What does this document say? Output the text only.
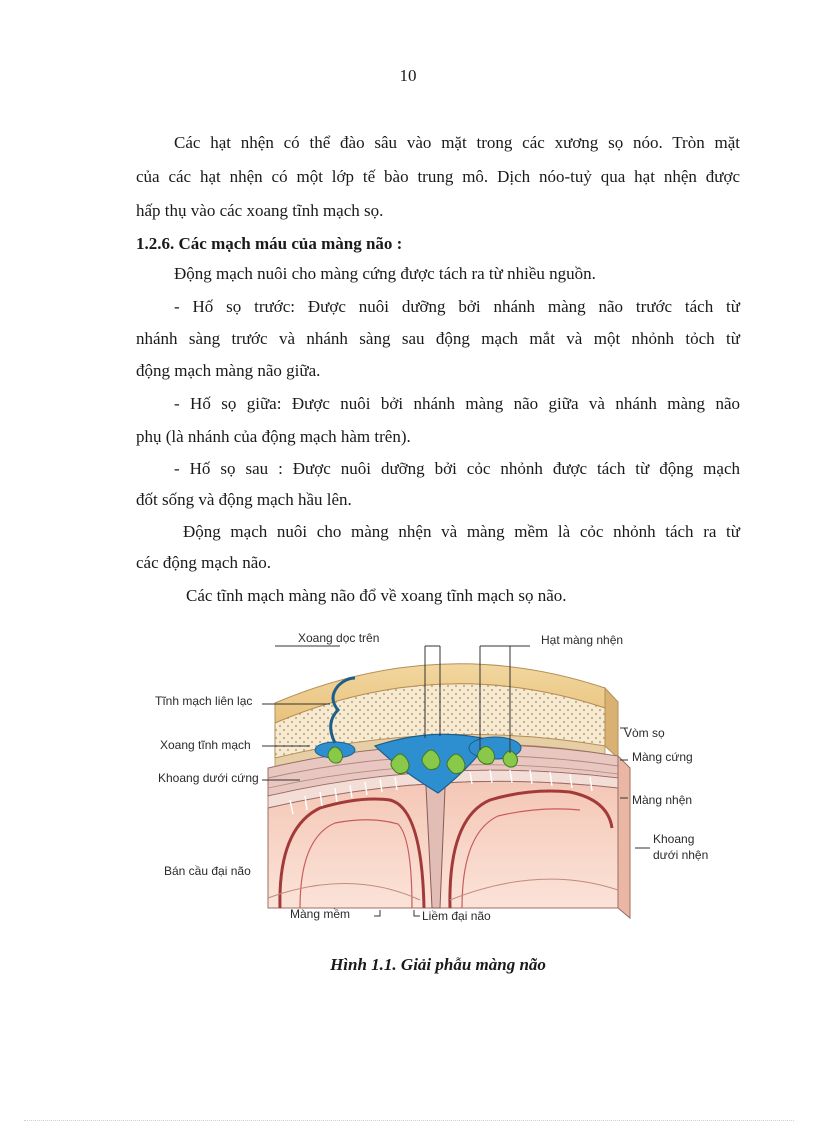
10
Các hạt nhện có thể đào sâu vào mặt trong các xương sọ nóo. Tròn mặt
của các hạt nhện có một lớp tế bào trung mô. Dịch nóo-tuỷ qua hạt nhện được
hấp thụ vào các xoang tĩnh mạch sọ.
1.2.6. Các mạch máu của màng não :
Động mạch nuôi cho màng cứng được tách ra từ nhiều nguồn.
- Hố sọ trước: Được nuôi dưỡng bởi nhánh màng não trước tách từ
nhánh sàng trước và nhánh sàng sau động mạch mắt và một nhỏnh tỏch từ
động mạch màng não giữa.
- Hố sọ giữa: Được nuôi bởi nhánh màng não giữa và nhánh màng não
phụ (là nhánh của động mạch hàm trên).
- Hố sọ sau : Được nuôi dưỡng bởi cỏc nhỏnh được tách từ động mạch
đốt sống và động mạch hầu lên.
Động mạch nuôi cho màng nhện và màng mềm là cỏc nhỏnh tách ra từ
các động mạch não.
Các tĩnh mạch màng não đổ về xoang tĩnh mạch sọ não.
Xoang dọc trên	Hạt màng nhện
Tĩnh mạch liên lạc
Vòm sọ
Xoang tĩnh mạch
Màng cứng
Khoang dưới cứng
Màng nhện
Khoang
dưới nhện
Bán cầu đại não
Màng mềm	Liềm đại não
Hình 1.1. Giải phẫu màng não
